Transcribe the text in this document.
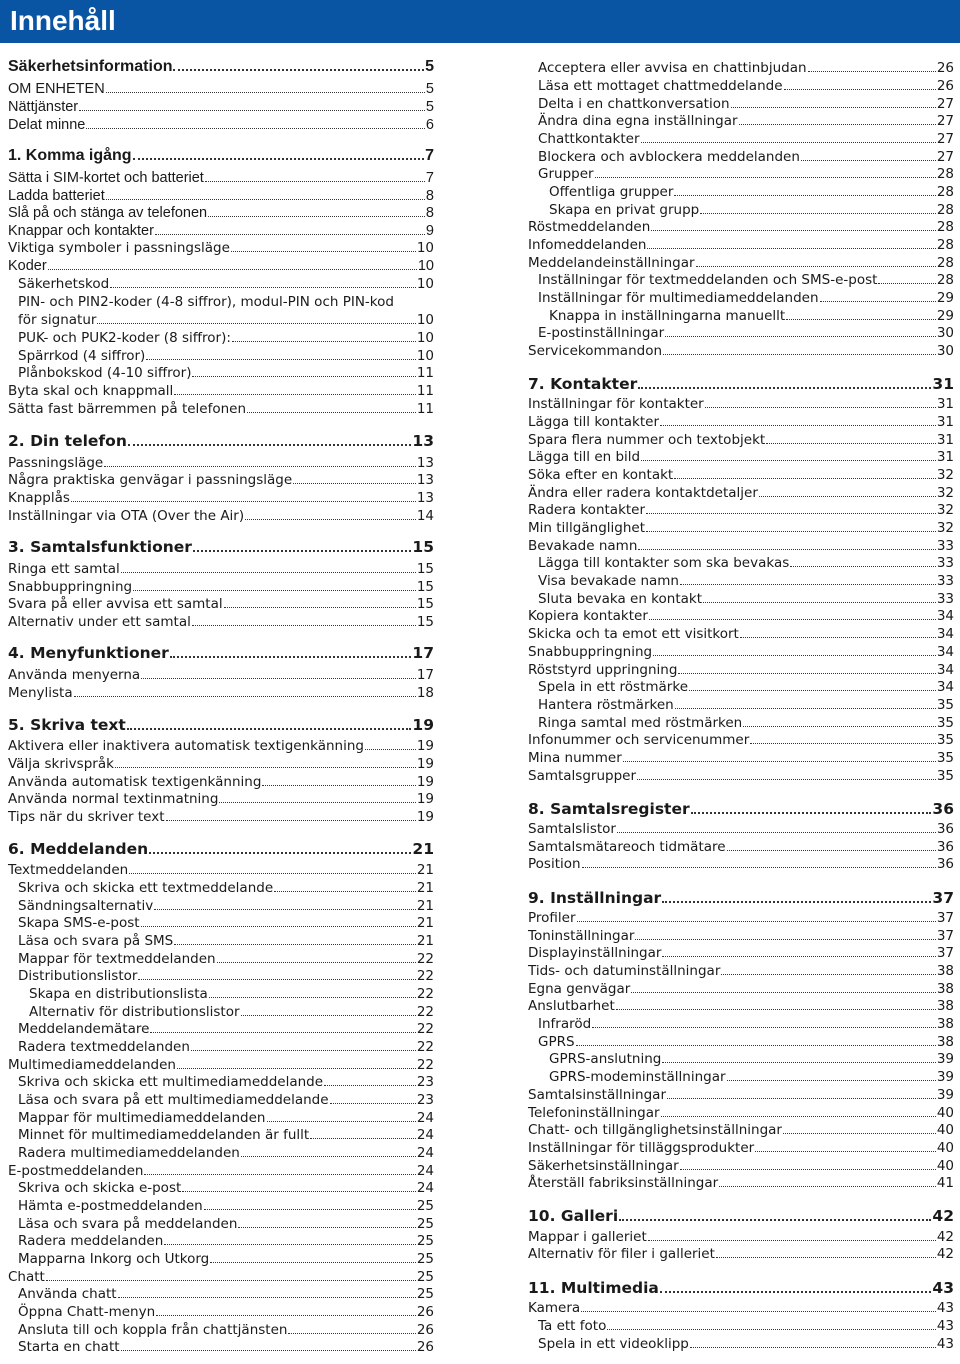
Innehåll
Säkerhetsinformation	5
OM ENHETEN	5
Nättjänster	5
Delat minne	6
1. Komma igång	7
Sätta i SIM-kortet och batteriet	7
Ladda batteriet	8
Slå på och stänga av telefonen	8
Knappar och kontakter	9
Viktiga symboler i passningsläge	10
Koder	10
Säkerhetskod	10
PIN- och PIN2-koder (4-8 siffror), modul-PIN och PIN-kod
för signatur	10
PUK- och PUK2-koder (8 siffror):	10
Spärrkod (4 siffror)	10
Plånbokskod (4-10 siffror)	11
Byta skal och knappmall	11
Sätta fast bärremmen på telefonen	11
2. Din telefon	13
Passningsläge	13
Några praktiska genvägar i passningsläge	13
Knapplås	13
Inställningar via OTA (Over the Air)	14
3. Samtalsfunktioner	15
Ringa ett samtal	15
Snabbuppringning	15
Svara på eller avvisa ett samtal	15
Alternativ under ett samtal	15
4. Menyfunktioner	17
Använda menyerna	17
Menylista	18
5. Skriva text	19
Aktivera eller inaktivera automatisk textigenkänning	19
Välja skrivspråk	19
Använda automatisk textigenkänning	19
Använda normal textinmatning	19
Tips när du skriver text	19
6. Meddelanden	21
Textmeddelanden	21
Skriva och skicka ett textmeddelande	21
Sändningsalternativ	21
Skapa SMS-e-post	21
Läsa och svara på SMS	21
Mappar för textmeddelanden	22
Distributionslistor	22
Skapa en distributionslista	22
Alternativ för distributionslistor	22
Meddelandemätare	22
Radera textmeddelanden	22
Multimediameddelanden	22
Skriva och skicka ett multimediameddelande	23
Läsa och svara på ett multimediameddelande	23
Mappar för multimediameddelanden	24
Minnet för multimediameddelanden är fullt	24
Radera multimediameddelanden	24
E-postmeddelanden	24
Skriva och skicka e-post	24
Hämta e-postmeddelanden	25
Läsa och svara på meddelanden	25
Radera meddelanden	25
Mapparna Inkorg och Utkorg	25
Chatt	25
Använda chatt	25
Öppna Chatt-menyn	26
Ansluta till och koppla från chattjänsten	26
Starta en chatt	26
Acceptera eller avvisa en chattinbjudan	26
Läsa ett mottaget chattmeddelande	26
Delta i en chattkonversation	27
Ändra dina egna inställningar	27
Chattkontakter	27
Blockera och avblockera meddelanden	27
Grupper	28
Offentliga grupper	28
Skapa en privat grupp	28
Röstmeddelanden	28
Infomeddelanden	28
Meddelandeinställningar	28
Inställningar för textmeddelanden och SMS-e-post	28
Inställningar för multimediameddelanden	29
Knappa in inställningarna manuellt	29
E-postinställningar	30
Servicekommandon	30
7. Kontakter	31
Inställningar för kontakter	31
Lägga till kontakter	31
Spara flera nummer och textobjekt	31
Lägga till en bild	31
Söka efter en kontakt	32
Ändra eller radera kontaktdetaljer	32
Radera kontakter	32
Min tillgänglighet	32
Bevakade namn	33
Lägga till kontakter som ska bevakas	33
Visa bevakade namn	33
Sluta bevaka en kontakt	33
Kopiera kontakter	34
Skicka och ta emot ett visitkort	34
Snabbuppringning	34
Röststyrd uppringning	34
Spela in ett röstmärke	34
Hantera röstmärken	35
Ringa samtal med röstmärken	35
Infonummer och servicenummer	35
Mina nummer	35
Samtalsgrupper	35
8. Samtalsregister	36
Samtalslistor	36
Samtalsmätareoch tidmätare	36
Position	36
9. Inställningar	37
Profiler	37
Toninställningar	37
Displayinställningar	37
Tids- och datuminställningar	38
Egna genvägar	38
Anslutbarhet	38
Infraröd	38
GPRS	38
GPRS-anslutning	39
GPRS-modeminställningar	39
Samtalsinställningar	39
Telefoninställningar	40
Chatt- och tillgänglighetsinställningar	40
Inställningar för tilläggsprodukter	40
Säkerhetsinställningar	40
Återställ fabriksinställningar	41
10. Galleri	42
Mappar i galleriet	42
Alternativ för filer i galleriet	42
11. Multimedia	43
Kamera	43
Ta ett foto	43
Spela in ett videoklipp	43
